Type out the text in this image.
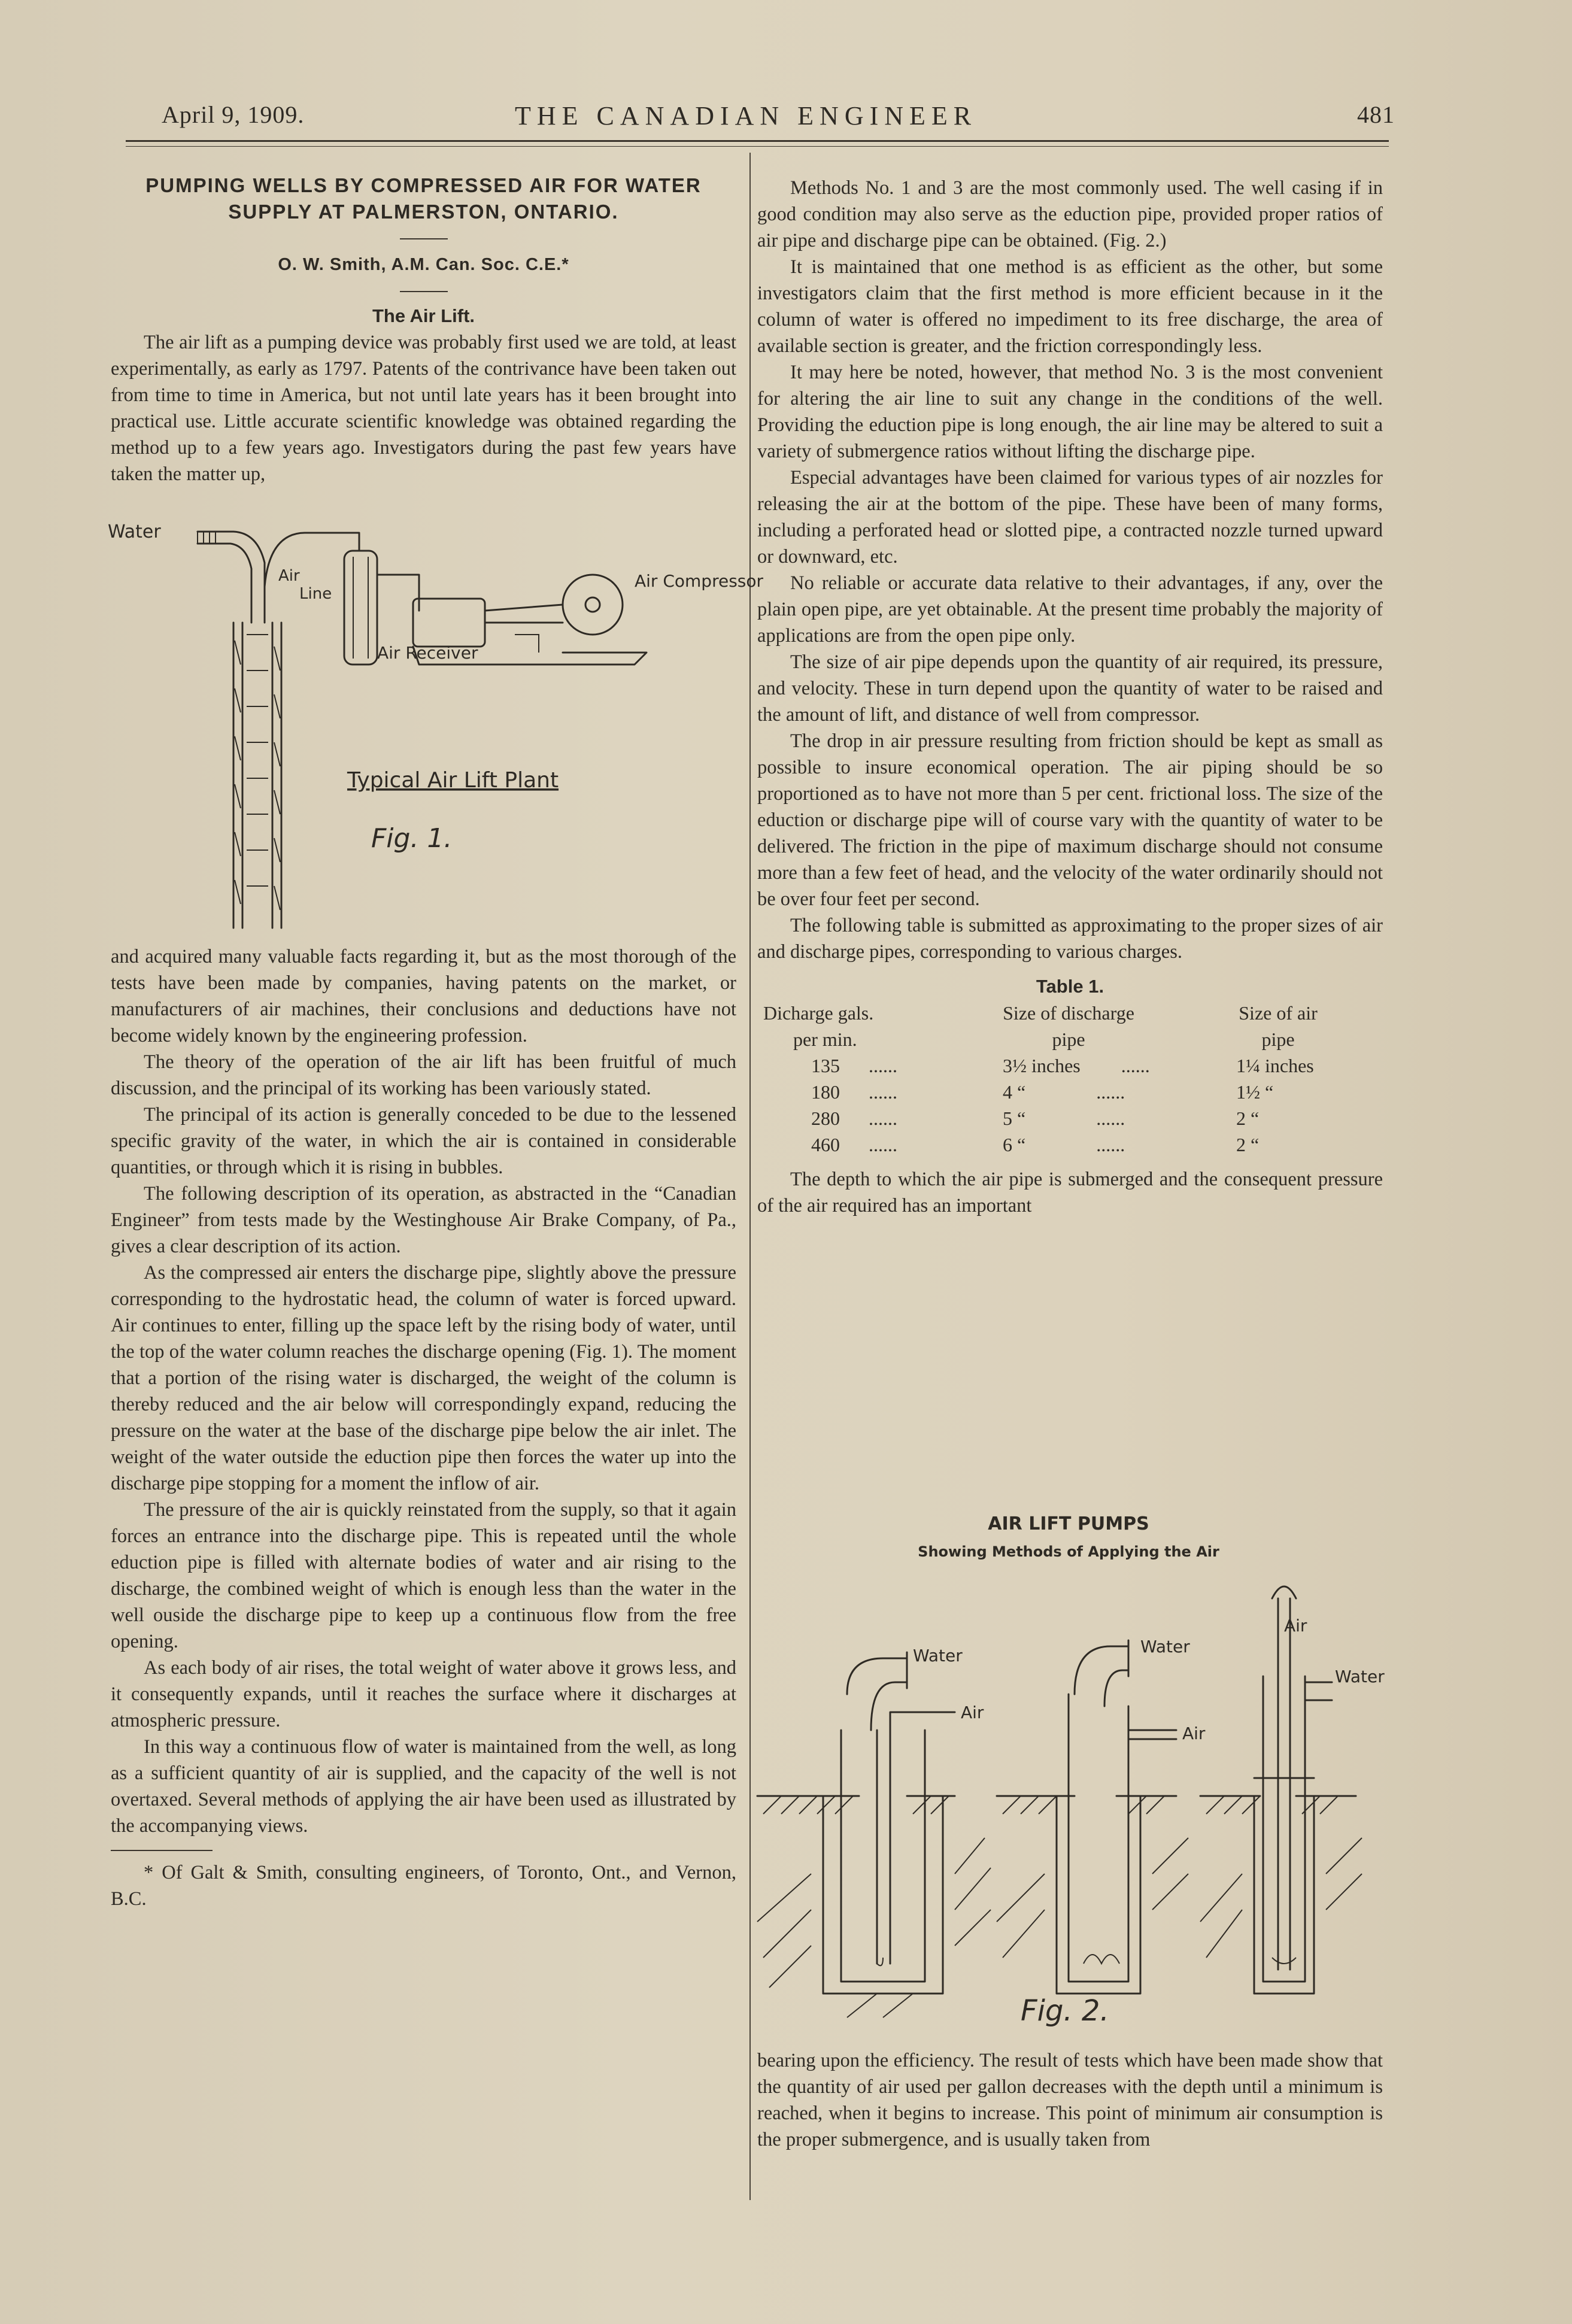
April 9, 1909.	THE CANADIAN ENGINEER	481
PUMPING WELLS BY COMPRESSED AIR FOR WATER
SUPPLY AT PALMERSTON, ONTARIO.
O. W. Smith, A.M. Can. Soc. C.E.*
The Air Lift.

The air lift as a pumping device was probably first used we are told, at least experimentally, as early as 1797. Patents of the contrivance have been taken out from time to time in America, but not until late years has it been brought into practical use. Little accurate scientific knowledge was obtained regarding the method up to a few years ago. Investigators during the past few years have taken the matter up,

Water
Air
Line
Air Compressor
Air Receiver
Typical Air Lift Plant
Fig. 1.

and acquired many valuable facts regarding it, but as the most thorough of the tests have been made by companies, having patents on the market, or manufacturers of air machines, their conclusions and deductions have not become widely known by the engineering profession.

The theory of the operation of the air lift has been fruitful of much discussion, and the principal of its working has been variously stated.

The principal of its action is generally conceded to be due to the lessened specific gravity of the water, in which the air is contained in considerable quantities, or through which it is rising in bubbles.

The following description of its operation, as abstracted in the “Canadian Engineer” from tests made by the Westinghouse Air Brake Company, of Pa., gives a clear description of its action.

As the compressed air enters the discharge pipe, slightly above the pressure corresponding to the hydrostatic head, the column of water is forced upward. Air continues to enter, filling up the space left by the rising body of water, until the top of the water column reaches the discharge opening (Fig. 1). The moment that a portion of the rising water is discharged, the weight of the column is thereby reduced and the air below will correspondingly expand, reducing the pressure on the water at the base of the discharge pipe below the air inlet. The weight of the water outside the eduction pipe then forces the water up into the discharge pipe stopping for a moment the inflow of air.

The pressure of the air is quickly reinstated from the supply, so that it again forces an entrance into the discharge pipe. This is repeated until the whole eduction pipe is filled with alternate bodies of water and air rising to the discharge, the combined weight of which is enough less than the water in the well ouside the discharge pipe to keep up a continuous flow from the free opening.

As each body of air rises, the total weight of water above it grows less, and it consequently expands, until it reaches the surface where it discharges at atmospheric pressure.

In this way a continuous flow of water is maintained from the well, as long as a sufficient quantity of air is supplied, and the capacity of the well is not overtaxed. Several methods of applying the air have been used as illustrated by the accompanying views.

* Of Galt & Smith, consulting engineers, of Toronto, Ont., and Vernon, B.C.

Methods No. 1 and 3 are the most commonly used. The well casing if in good condition may also serve as the eduction pipe, provided proper ratios of air pipe and discharge pipe can be obtained. (Fig. 2.)

It is maintained that one method is as efficient as the other, but some investigators claim that the first method is more efficient because in it the column of water is offered no impediment to its free discharge, the area of available section is greater, and the friction correspondingly less.

It may here be noted, however, that method No. 3 is the most convenient for altering the air line to suit any change in the conditions of the well. Providing the eduction pipe is long enough, the air line may be altered to suit a variety of submergence ratios without lifting the discharge pipe.

Especial advantages have been claimed for various types of air nozzles for releasing the air at the bottom of the pipe. These have been of many forms, including a perforated head or slotted pipe, a contracted nozzle turned upward or downward, etc.

No reliable or accurate data relative to their advantages, if any, over the plain open pipe, are yet obtainable. At the present time probably the majority of applications are from the open pipe only.

The size of air pipe depends upon the quantity of air required, its pressure, and velocity. These in turn depend upon the quantity of water to be raised and the amount of lift, and distance of well from compressor.

The drop in air pressure resulting from friction should be kept as small as possible to insure economical operation. The air piping should be so proportioned as to have not more than 5 per cent. frictional loss. The size of the eduction or discharge pipe will of course vary with the quantity of water to be delivered. The friction in the pipe of maximum discharge should not consume more than a few feet of head, and the velocity of the water ordinarily should not be over four feet per second.

The following table is submitted as approximating to the proper sizes of air and discharge pipes, corresponding to various charges.

Table 1.
Dicharge gals.	Size of discharge	Size of air
per min.	pipe	pipe
135 ......	3½ inches ......	1¼ inches
180 ......	4 “ ......	1½ “
280 ......	5 “ ......	2 “
460 ......	6 “ ......	2 “

The depth to which the air pipe is submerged and the consequent pressure of the air required has an important

AIR LIFT PUMPS
Showing Methods of Applying the Air
Water
Air
Water
Air
Air
Water
Fig. 2.

bearing upon the efficiency. The result of tests which have been made show that the quantity of air used per gallon decreases with the depth until a minimum is reached, when it begins to increase. This point of minimum air consumption is the proper submergence, and is usually taken from
